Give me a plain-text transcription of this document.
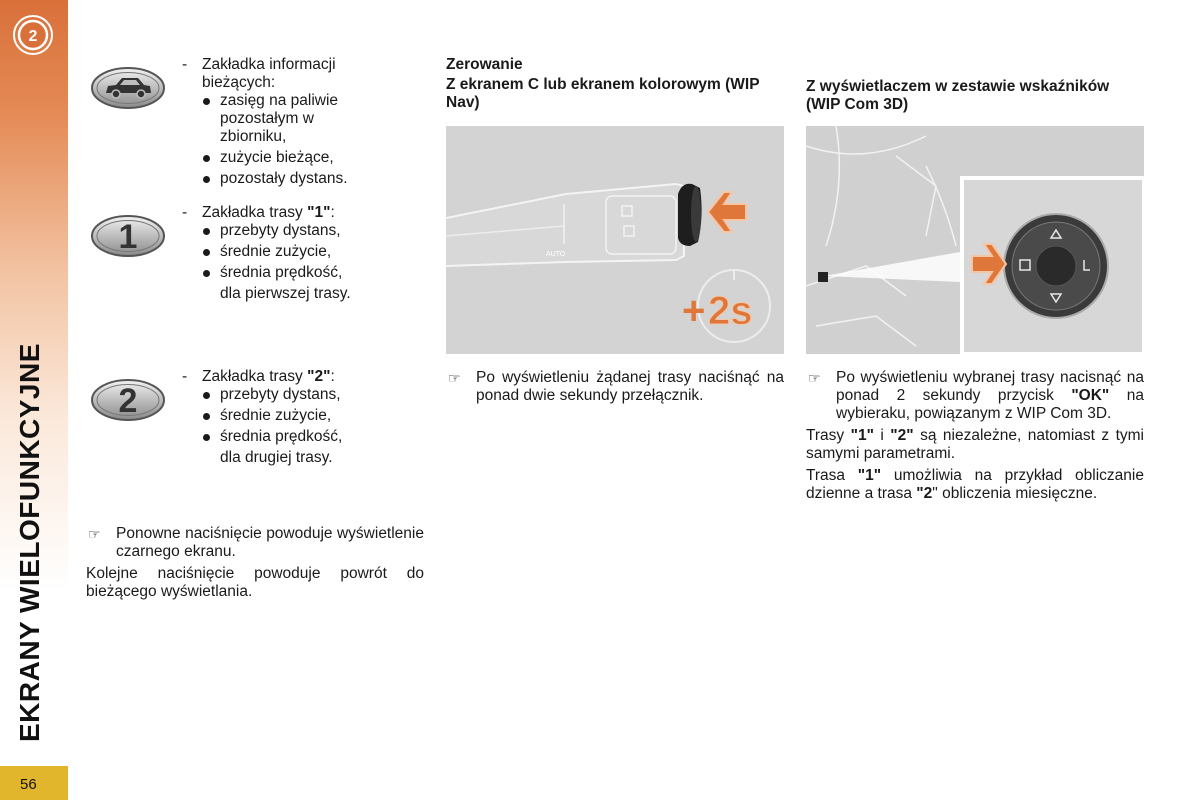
2
EKRANY WIELOFUNKCYJNE
56
- Zakładka informacji bieżących:
zasięg na paliwie pozostałym w zbiorniku,
zużycie bieżące,
pozostały dystans.
1
- Zakładka trasy "1":
przebyty dystans,
średnie zużycie,
średnia prędkość,
dla pierwszej trasy.
2
- Zakładka trasy "2":
przebyty dystans,
średnie zużycie,
średnia prędkość,
dla drugiej trasy.
☞ Ponowne naciśnięcie powoduje wyświetlenie czarnego ekranu.

Kolejne naciśnięcie powoduje powrót do bieżącego wyświetlania.

Zerowanie
Z ekranem C lub ekranem kolorowym (WIP Nav)
AUTO
+ 2s
☞ Po wyświetleniu żądanej trasy naciśnąć na ponad dwie sekundy przełącznik.
Z wyświetlaczem w zestawie wskaźników (WIP Com 3D)
☞ Po wyświetleniu wybranej trasy nacisnąć na ponad 2 sekundy przycisk "OK" na wybieraku, powiązanym z WIP Com 3D.

Trasy "1" i "2" są niezależne, natomiast z tymi samymi parametrami.

Trasa "1" umożliwia na przykład obliczanie dzienne a trasa "2" obliczenia miesięczne.
